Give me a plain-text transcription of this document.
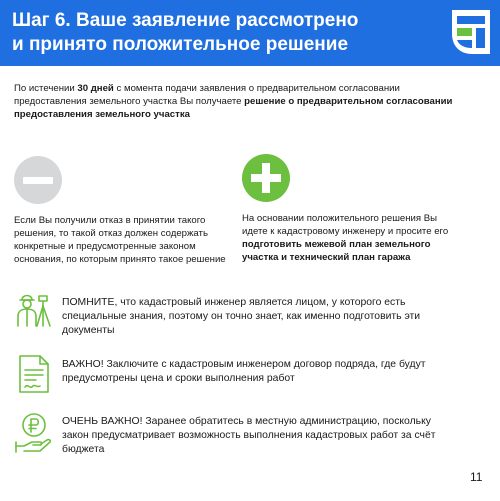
Шаг 6. Ваше заявление рассмотрено
и принято положительное решение
По истечении 30 дней с момента подачи заявления о предварительном согласовании предоставления земельного участка Вы получаете решение о предварительном согласовании предоставления земельного участка
Если Вы получили отказ в принятии такого решения, то такой отказ должен содержать конкретные и предусмотренные законом основания, по которым принято такое решение
На основании положительного решения Вы идете к кадастровому инженеру и просите его подготовить межевой план земельного участка и технический план гаража
ПОМНИТЕ, что кадастровый инженер является лицом, у которого есть специальные знания, поэтому он точно знает, как именно подготовить эти документы
ВАЖНО! Заключите с кадастровым инженером договор подряда, где будут предусмотрены цена и сроки выполнения работ
ОЧЕНЬ ВАЖНО! Заранее обратитесь в местную администрацию, поскольку закон предусматривает возможность выполнения кадастровых работ за счёт бюджета
11
